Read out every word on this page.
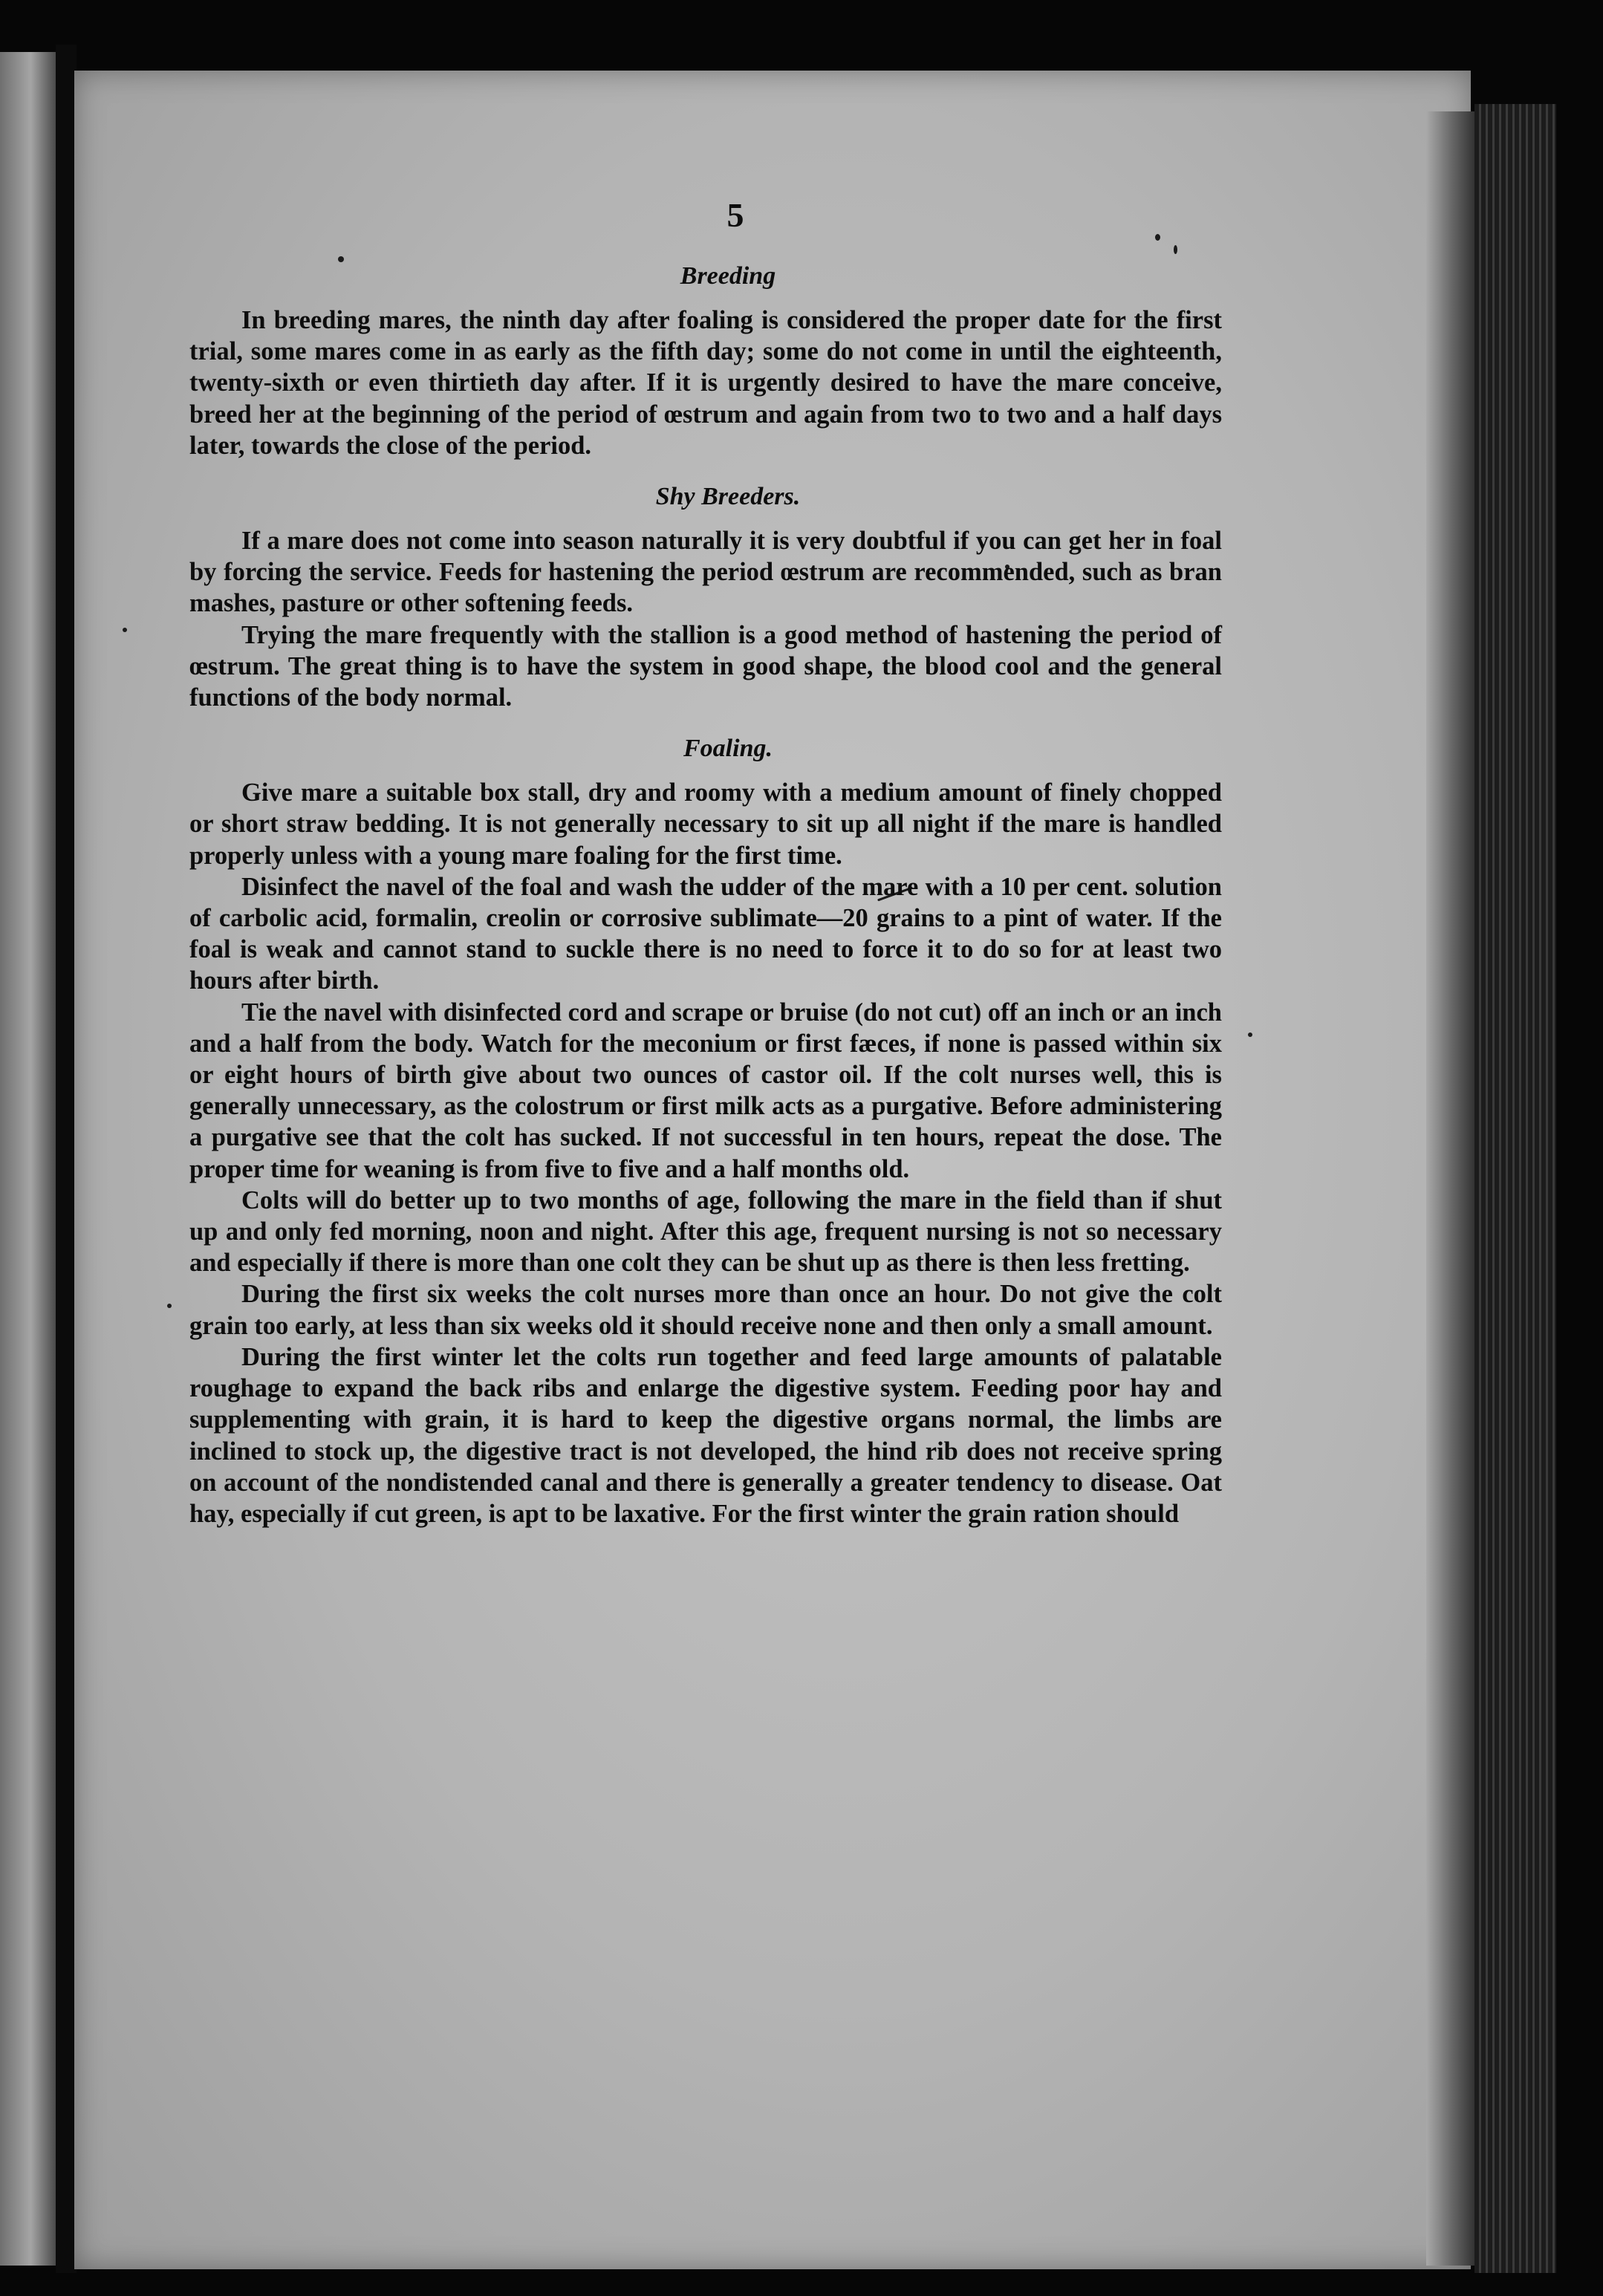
5
Breeding

In breeding mares, the ninth day after foaling is considered the proper date for the first trial, some mares come in as early as the fifth day; some do not come in until the eighteenth, twenty-sixth or even thirtieth day after. If it is urgently desired to have the mare conceive, breed her at the beginning of the period of œstrum and again from two to two and a half days later, towards the close of the period.

Shy Breeders.

If a mare does not come into season naturally it is very doubtful if you can get her in foal by forcing the service. Feeds for hastening the period œstrum are recommended, such as bran mashes, pasture or other softening feeds.

Trying the mare frequently with the stallion is a good method of hastening the period of œstrum. The great thing is to have the system in good shape, the blood cool and the general functions of the body normal.

Foaling.

Give mare a suitable box stall, dry and roomy with a medium amount of finely chopped or short straw bedding. It is not generally necessary to sit up all night if the mare is handled properly unless with a young mare foaling for the first time.

Disinfect the navel of the foal and wash the udder of the mare with a 10 per cent. solution of carbolic acid, formalin, creolin or corrosive sublimate—20 grains to a pint of water. If the foal is weak and cannot stand to suckle there is no need to force it to do so for at least two hours after birth.

Tie the navel with disinfected cord and scrape or bruise (do not cut) off an inch or an inch and a half from the body. Watch for the meconium or first fæces, if none is passed within six or eight hours of birth give about two ounces of castor oil. If the colt nurses well, this is generally unnecessary, as the colostrum or first milk acts as a purgative. Before administering a purgative see that the colt has sucked. If not successful in ten hours, repeat the dose. The proper time for weaning is from five to five and a half months old.

Colts will do better up to two months of age, following the mare in the field than if shut up and only fed morning, noon and night. After this age, frequent nursing is not so necessary and especially if there is more than one colt they can be shut up as there is then less fretting.

During the first six weeks the colt nurses more than once an hour. Do not give the colt grain too early, at less than six weeks old it should receive none and then only a small amount.

During the first winter let the colts run together and feed large amounts of palatable roughage to expand the back ribs and enlarge the digestive system. Feeding poor hay and supplementing with grain, it is hard to keep the digestive organs normal, the limbs are inclined to stock up, the digestive tract is not developed, the hind rib does not receive spring on account of the nondistended canal and there is generally a greater tendency to disease. Oat hay, especially if cut green, is apt to be laxative. For the first winter the grain ration should
